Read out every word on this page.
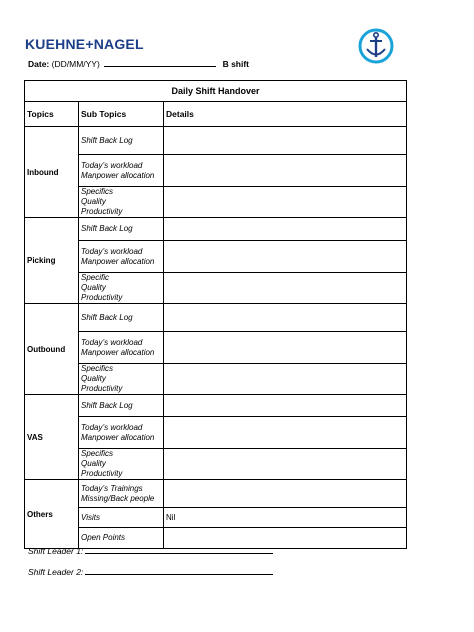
KUEHNE+NAGEL
Date: (DD/MM/YY)	B shift
Daily Shift Handover		
Topics	Sub Topics	Details
Inbound	Shift Back Log	

	Today’s workload
Manpower allocation	

	Specifics
Quality
Productivity	

Picking	Shift Back Log	

	Today’s workload
Manpower allocation	

	Specific
Quality
Productivity	

Outbound	Shift Back Log	

	Today’s workload
Manpower allocation	

	Specifics
Quality
Productivity	

VAS	Shift Back Log	

	Today’s workload
Manpower allocation	

	Specifics
Quality
Productivity	

Others	Today’s Trainings
Missing/Back people	

	Visits	Nil

	Open Points	

Shift Leader 1:
Shift Leader 2:
